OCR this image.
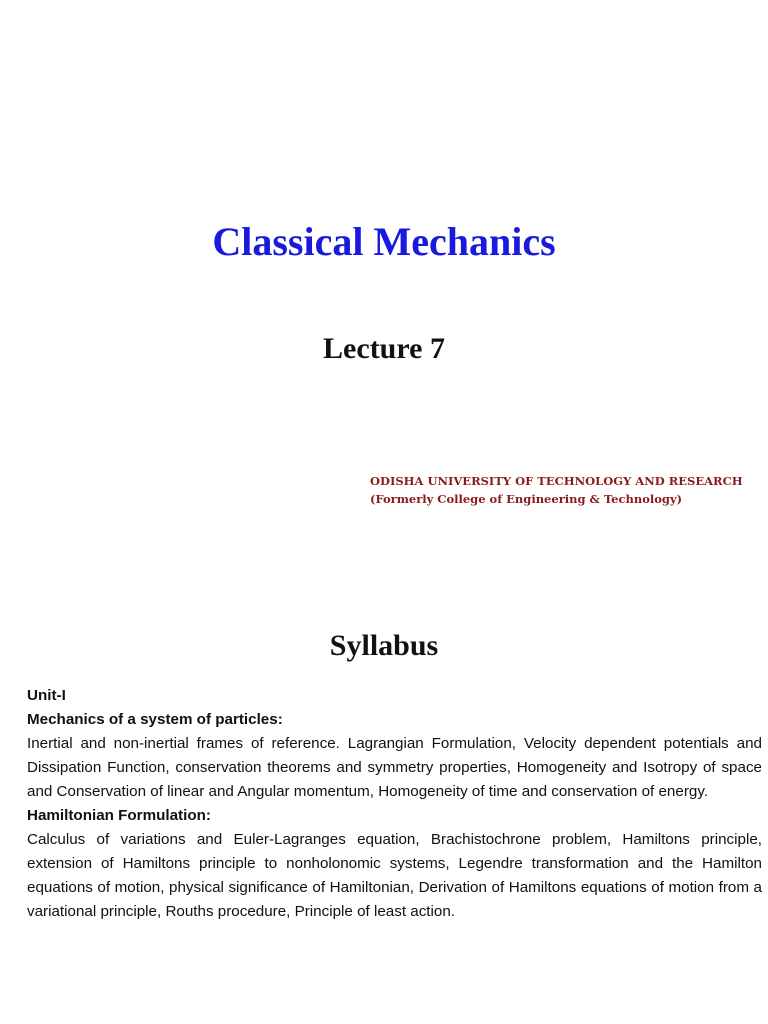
Classical Mechanics
Lecture 7
ODISHA UNIVERSITY OF TECHNOLOGY AND RESEARCH
(Formerly College of Engineering & Technology)
Syllabus

Unit-I

Mechanics of a system of particles:

Inertial and non-inertial frames of reference. Lagrangian Formulation, Velocity dependent potentials and Dissipation Function, conservation theorems and symmetry properties, Homogeneity and Isotropy of space and Conservation of linear and Angular momentum, Homogeneity of time and conservation of energy.

Hamiltonian Formulation:

Calculus of variations and Euler-Lagranges equation, Brachistochrone problem, Hamiltons principle, extension of Hamiltons principle to nonholonomic systems, Legendre transformation and the Hamilton equations of motion, physical significance of Hamiltonian, Derivation of Hamiltons equations of motion from a variational principle, Rouths procedure, Principle of least action.
